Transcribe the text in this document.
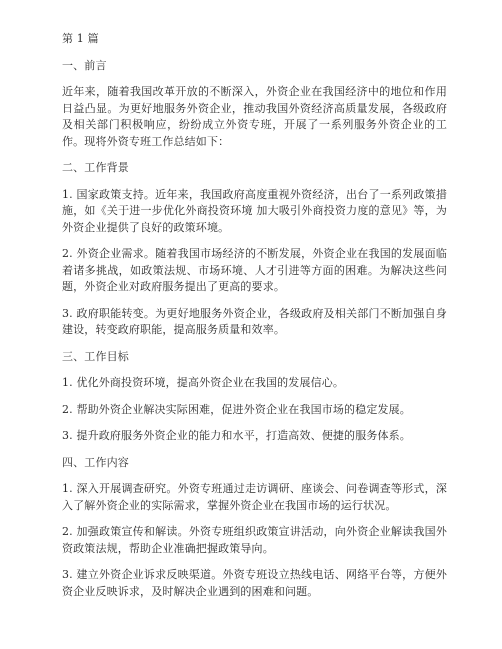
第 1 篇

一、前言

近年来，随着我国改革开放的不断深入，外资企业在我国经济中的地位和作用日益凸显。为更好地服务外资企业，推动我国外资经济高质量发展，各级政府及相关部门积极响应，纷纷成立外资专班，开展了一系列服务外资企业的工作。现将外资专班工作总结如下：

二、工作背景

1. 国家政策支持。近年来，我国政府高度重视外资经济，出台了一系列政策措施，如《关于进一步优化外商投资环境 加大吸引外商投资力度的意见》等，为外资企业提供了良好的政策环境。

2. 外资企业需求。随着我国市场经济的不断发展，外资企业在我国的发展面临着诸多挑战，如政策法规、市场环境、人才引进等方面的困难。为解决这些问题，外资企业对政府服务提出了更高的要求。

3. 政府职能转变。为更好地服务外资企业，各级政府及相关部门不断加强自身建设，转变政府职能，提高服务质量和效率。

三、工作目标

1. 优化外商投资环境，提高外资企业在我国的发展信心。

2. 帮助外资企业解决实际困难，促进外资企业在我国市场的稳定发展。

3. 提升政府服务外资企业的能力和水平，打造高效、便捷的服务体系。

四、工作内容

1. 深入开展调查研究。外资专班通过走访调研、座谈会、问卷调查等形式，深入了解外资企业的实际需求，掌握外资企业在我国市场的运行状况。

2. 加强政策宣传和解读。外资专班组织政策宣讲活动，向外资企业解读我国外资政策法规，帮助企业准确把握政策导向。

3. 建立外资企业诉求反映渠道。外资专班设立热线电话、网络平台等，方便外资企业反映诉求，及时解决企业遇到的困难和问题。
